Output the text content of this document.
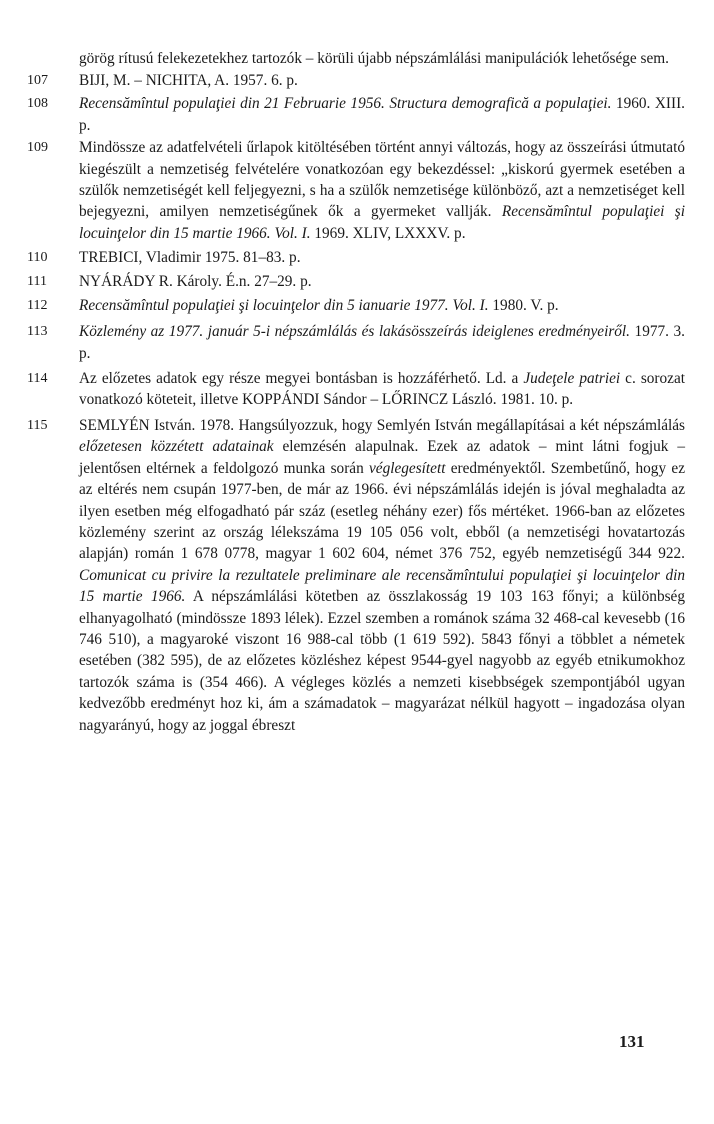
görög rítusú felekezetekhez tartozók – körüli újabb népszámlálási manipulációk lehetősége sem.

107	BIJI, M. – NICHITA, A. 1957. 6. p.

108	Recensămîntul populaţiei din 21 Februarie 1956. Structura demografică a populaţiei. 1960. XIII. p.

109	Mindössze az adatfelvételi űrlapok kitöltésében történt annyi változás, hogy az összeírási útmutató kiegészült a nemzetiség felvételére vonatkozóan egy bekezdéssel: „kiskorú gyermek esetében a szülők nemzetiségét kell feljegyezni, s ha a szülők nemzetisége különböző, azt a nemzetiséget kell bejegyezni, amilyen nemzetiségűnek ők a gyermeket vallják. Recensămîntul populaţiei şi locuinţelor din 15 martie 1966. Vol. I. 1969. XLIV, LXXXV. p.

110	TREBICI, Vladimir 1975. 81–83. p.

111	NYÁRÁDY R. Károly. É.n. 27–29. p.

112	Recensămîntul populaţiei şi locuinţelor din 5 ianuarie 1977. Vol. I. 1980. V. p.

113	Közlemény az 1977. január 5-i népszámlálás és lakásösszeírás ideiglenes eredményeiről. 1977. 3. p.

114	Az előzetes adatok egy része megyei bontásban is hozzáférhető. Ld. a Judeţele patriei c. sorozat vonatkozó köteteit, illetve KOPPÁNDI Sándor – LŐRINCZ László. 1981. 10. p.

115	SEMLYÉN István. 1978. Hangsúlyozzuk, hogy Semlyén István megállapításai a két népszámlálás előzetesen közzétett adatainak elemzésén alapulnak. Ezek az adatok – mint látni fogjuk – jelentősen eltérnek a feldolgozó munka során véglegesített eredményektől. Szembetűnő, hogy ez az eltérés nem csupán 1977-ben, de már az 1966. évi népszámlálás idején is jóval meghaladta az ilyen esetben még elfogadható pár száz (esetleg néhány ezer) fős mértéket. 1966-ban az előzetes közlemény szerint az ország lélekszáma 19 105 056 volt, ebből (a nemzetiségi hovatartozás alapján) román 1 678 0778, magyar 1 602 604, német 376 752, egyéb nemzetiségű 344 922. Comunicat cu privire la rezultatele preliminare ale recensămîntului populaţiei şi locuinţelor din 15 martie 1966. A népszámlálási kötetben az összlakosság 19 103 163 főnyi; a különbség elhanyagolható (mindössze 1893 lélek). Ezzel szemben a románok száma 32 468-cal kevesebb (16 746 510), a magyaroké viszont 16 988-cal több (1 619 592). 5843 főnyi a többlet a németek esetében (382 595), de az előzetes közléshez képest 9544-gyel nagyobb az egyéb etnikumokhoz tartozók száma is (354 466). A végleges közlés a nemzeti kisebbségek szempontjából ugyan kedvezőbb eredményt hoz ki, ám a számadatok – magyarázat nélkül hagyott – ingadozása olyan nagyarányú, hogy az joggal ébreszt

131
